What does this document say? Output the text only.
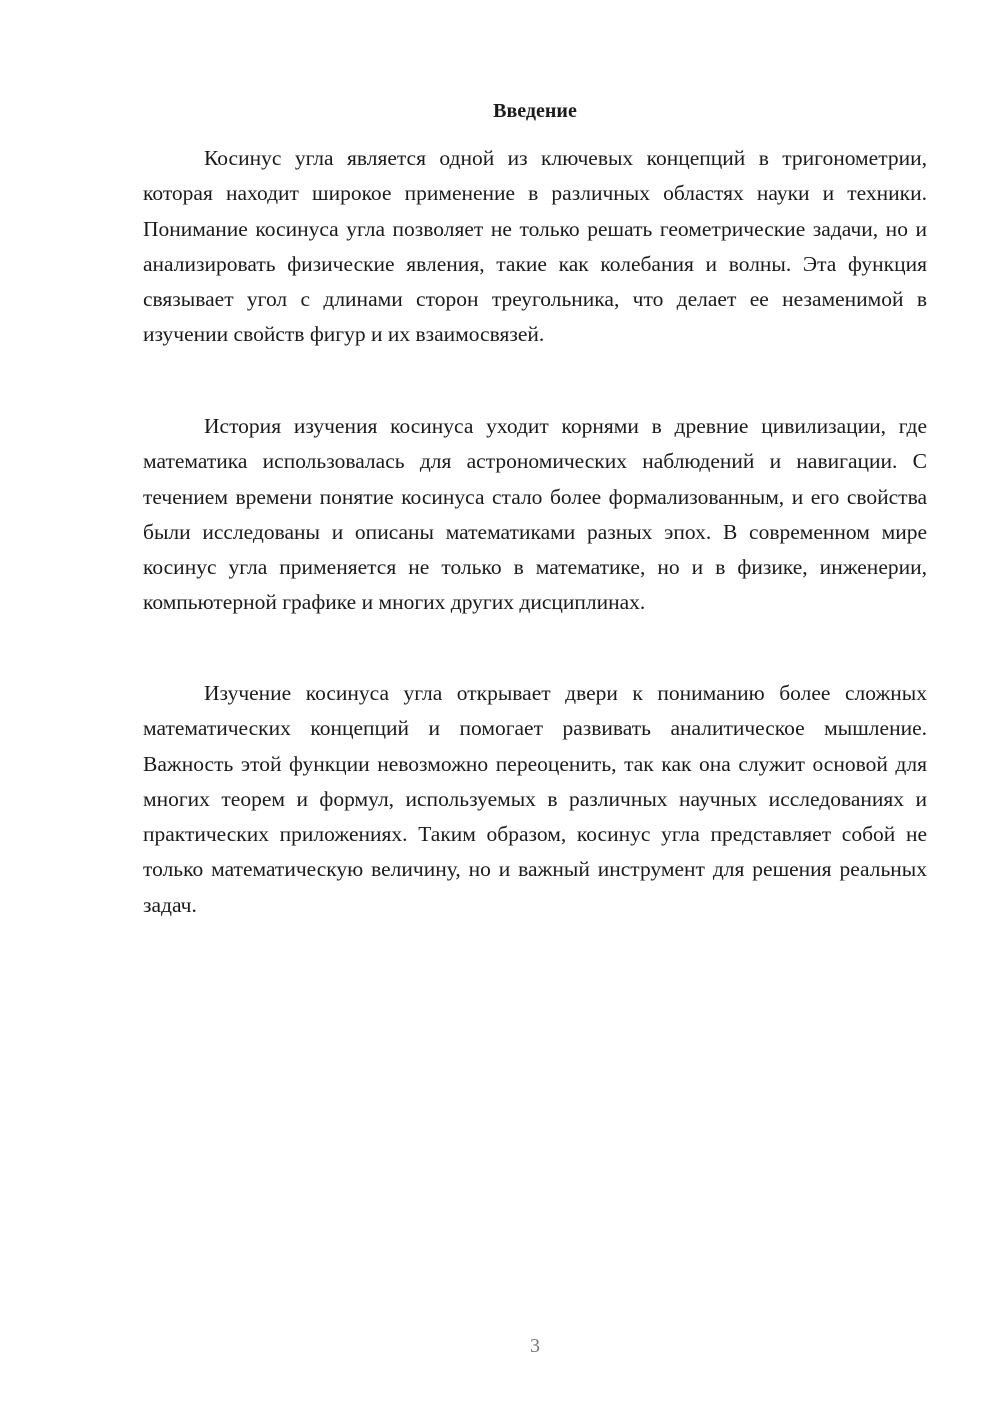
Введение

Косинус угла является одной из ключевых концепций в тригонометрии, которая находит широкое применение в различных областях науки и техники. Понимание косинуса угла позволяет не только решать геометрические задачи, но и анализировать физические явления, такие как колебания и волны. Эта функция связывает угол с длинами сторон треугольника, что делает ее незаменимой в изучении свойств фигур и их взаимосвязей.

История изучения косинуса уходит корнями в древние цивилизации, где математика использовалась для астрономических наблюдений и навигации. С течением времени понятие косинуса стало более формализованным, и его свойства были исследованы и описаны математиками разных эпох. В современном мире косинус угла применяется не только в математике, но и в физике, инженерии, компьютерной графике и многих других дисциплинах.

Изучение косинуса угла открывает двери к пониманию более сложных математических концепций и помогает развивать аналитическое мышление. Важность этой функции невозможно переоценить, так как она служит основой для многих теорем и формул, используемых в различных научных исследованиях и практических приложениях. Таким образом, косинус угла представляет собой не только математическую величину, но и важный инструмент для решения реальных задач.

3
